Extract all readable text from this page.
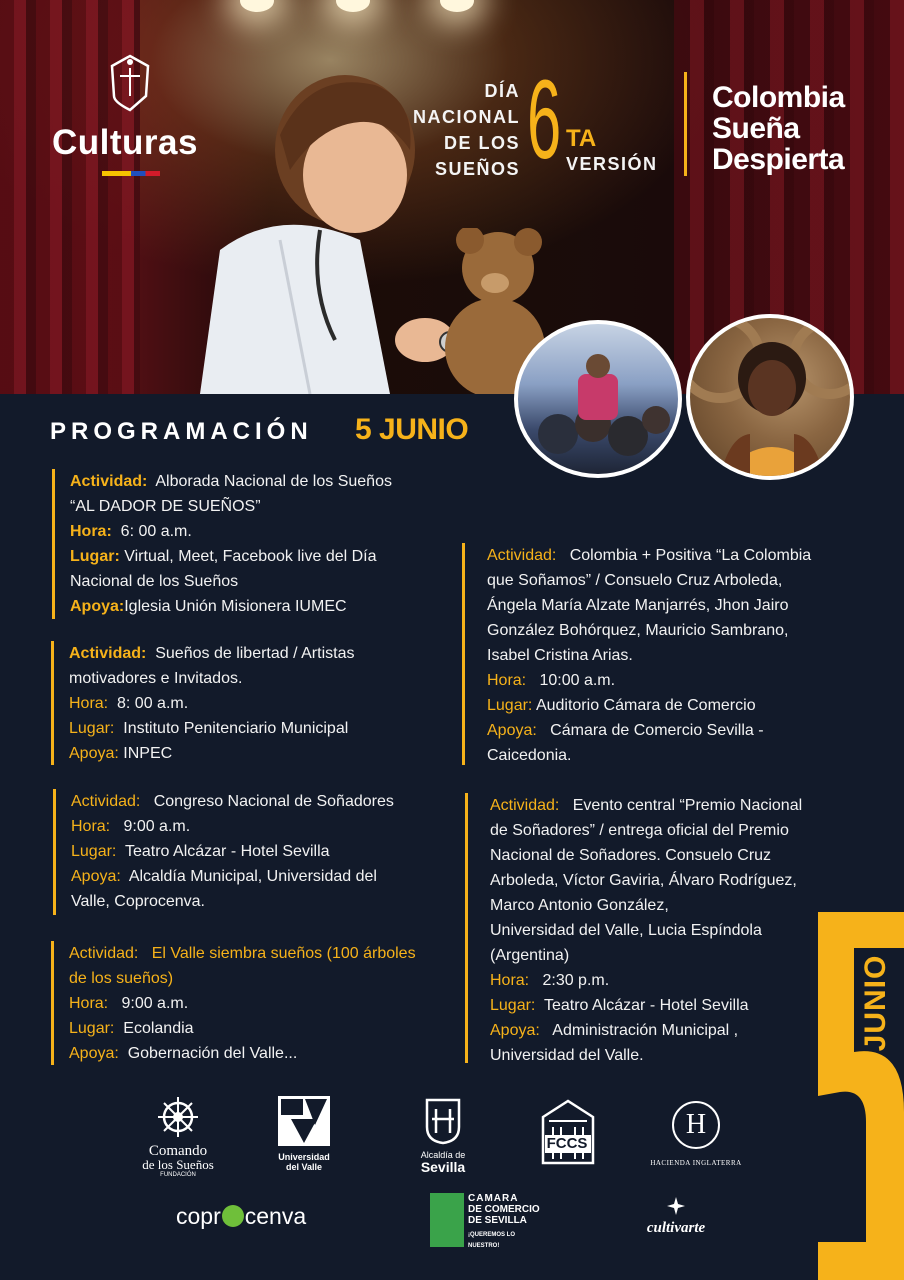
Culturas
DÍA
NACIONAL
DE LOS
SUEÑOS 6 TA
VERSIÓN
Colombia
Sueña
Despierta
PROGRAMACIÓN 5 JUNIO
Actividad: Alborada Nacional de los Sueños
“AL DADOR DE SUEÑOS”
Hora: 6: 00 a.m.
Lugar: Virtual, Meet, Facebook live del Día
Nacional de los Sueños
Apoya:Iglesia Unión Misionera IUMEC
Actividad: Sueños de libertad / Artistas
motivadores e Invitados.
Hora: 8: 00 a.m.
Lugar: Instituto Penitenciario Municipal
Apoya: INPEC
Actividad: Congreso Nacional de Soñadores
Hora: 9:00 a.m.
Lugar: Teatro Alcázar - Hotel Sevilla
Apoya: Alcaldía Municipal, Universidad del
Valle, Coprocenva.
Actividad: El Valle siembra sueños (100 árboles
de los sueños)
Hora: 9:00 a.m.
Lugar: Ecolandia
Apoya: Gobernación del Valle...
Actividad: Colombia + Positiva “La Colombia
que Soñamos” / Consuelo Cruz Arboleda,
Ángela María Alzate Manjarrés, Jhon Jairo
González Bohórquez, Mauricio Sambrano,
Isabel Cristina Arias.
Hora: 10:00 a.m.
Lugar: Auditorio Cámara de Comercio
Apoya: Cámara de Comercio Sevilla -
Caicedonia.
Actividad: Evento central “Premio Nacional
de Soñadores” / entrega oficial del Premio
Nacional de Soñadores. Consuelo Cruz
Arboleda, Víctor Gaviria, Álvaro Rodríguez,
Marco Antonio González,
Universidad del Valle, Lucia Espíndola
(Argentina)
Hora: 2:30 p.m.
Lugar: Teatro Alcázar - Hotel Sevilla
Apoya: Administración Municipal ,
Universidad del Valle.
JUNIO
Comando
de los Sueños
FUNDACIÓN
Universidad
del Valle
Alcaldía de
Sevilla
FCCS
H
HACIENDA INGLATERRA
copr cenva
CAMARA
DE COMERCIO
DE SEVILLA
¡QUEREMOS LO NUESTRO!
cultivarte
